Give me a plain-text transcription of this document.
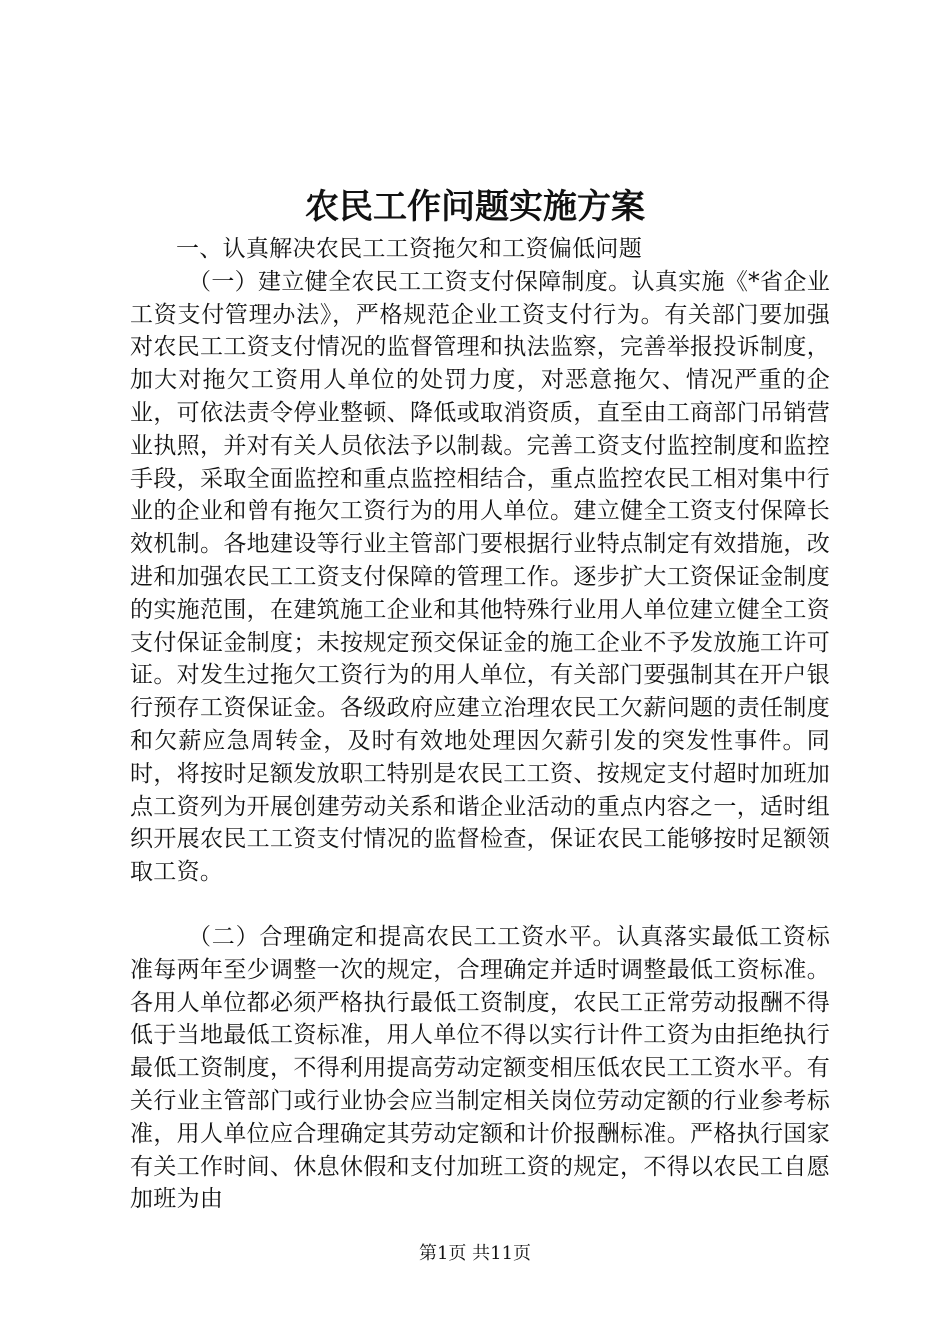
农民工作问题实施方案

一、认真解决农民工工资拖欠和工资偏低问题

（一）建立健全农民工工资支付保障制度。认真实施《*省企业工资支付管理办法》，严格规范企业工资支付行为。有关部门要加强对农民工工资支付情况的监督管理和执法监察，完善举报投诉制度，加大对拖欠工资用人单位的处罚力度，对恶意拖欠、情况严重的企业，可依法责令停业整顿、降低或取消资质，直至由工商部门吊销营业执照，并对有关人员依法予以制裁。完善工资支付监控制度和监控手段，采取全面监控和重点监控相结合，重点监控农民工相对集中行业的企业和曾有拖欠工资行为的用人单位。建立健全工资支付保障长效机制。各地建设等行业主管部门要根据行业特点制定有效措施，改进和加强农民工工资支付保障的管理工作。逐步扩大工资保证金制度的实施范围，在建筑施工企业和其他特殊行业用人单位建立健全工资支付保证金制度；未按规定预交保证金的施工企业不予发放施工许可证。对发生过拖欠工资行为的用人单位，有关部门要强制其在开户银行预存工资保证金。各级政府应建立治理农民工欠薪问题的责任制度和欠薪应急周转金，及时有效地处理因欠薪引发的突发性事件。同时，将按时足额发放职工特别是农民工工资、按规定支付超时加班加点工资列为开展创建劳动关系和谐企业活动的重点内容之一，适时组织开展农民工工资支付情况的监督检查，保证农民工能够按时足额领取工资。

（二）合理确定和提高农民工工资水平。认真落实最低工资标准每两年至少调整一次的规定，合理确定并适时调整最低工资标准。各用人单位都必须严格执行最低工资制度，农民工正常劳动报酬不得低于当地最低工资标准，用人单位不得以实行计件工资为由拒绝执行最低工资制度，不得利用提高劳动定额变相压低农民工工资水平。有关行业主管部门或行业协会应当制定相关岗位劳动定额的行业参考标准，用人单位应合理确定其劳动定额和计价报酬标准。严格执行国家有关工作时间、休息休假和支付加班工资的规定，不得以农民工自愿加班为由

第1页 共11页
